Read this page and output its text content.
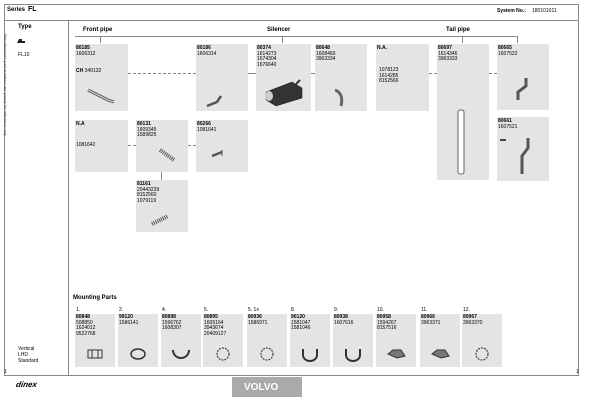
Series FL	System No.: 180101011
Type
FL10
Manufacturer's part numbers are purely for reference only
Vertical
LHD
Standard
Front pipe	Silencer	Tail pipe
80185
1606312
CH 349132
80186
1606314
80374
1614273
1674304
1676640
80648
1608460
3963334
N.A.
1078123
1614285
8152566
80697
1614346
3963333
80665
1607522
80661
1607521
N.A
1081642
80131
1609345
1589825
80266
1081641
81161
20443239
8152560
1079119
Mounting Parts
1.
80848
508850
1624012
9522768
2.
99120
1586141
4.
80898
1596762
1608307
5.
80895
1605164
3943674
20409127
5. 1x
80936
1586971
8.
90120
1581047
1581046
9.
80938
1607616
10.
80958
1594267
8157516
11.
80966
3963371
12.
80967
3963370
dinex	VOLVO
1
1
